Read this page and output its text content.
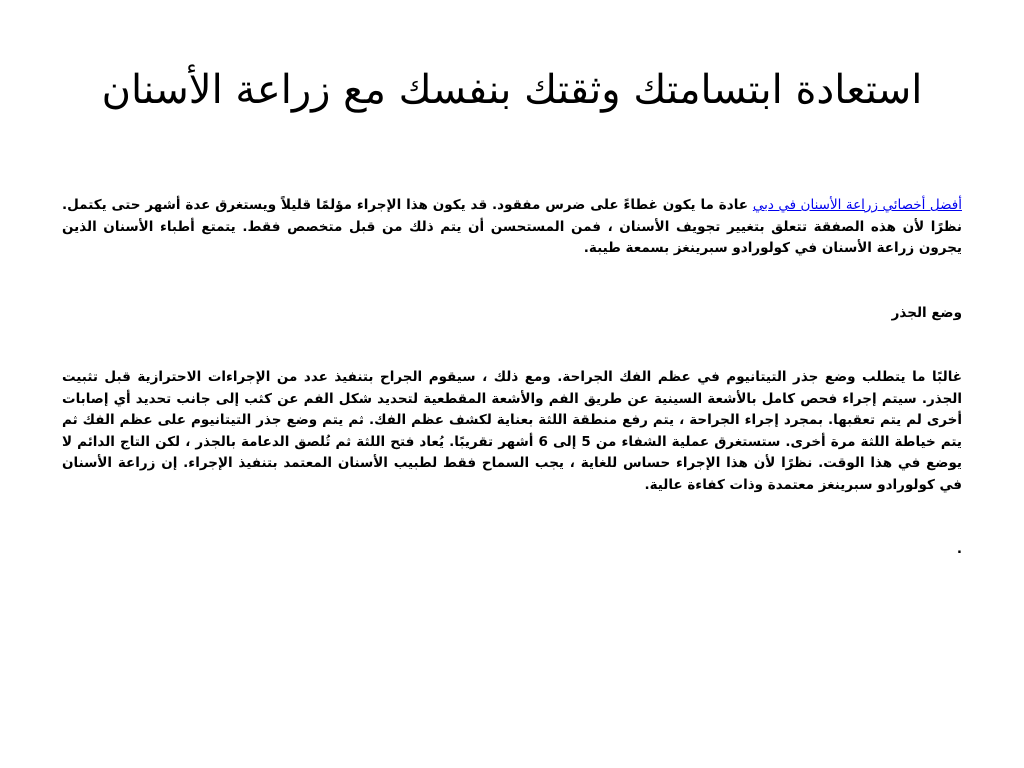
استعادة ابتسامتك وثقتك بنفسك مع زراعة الأسنان

أفضل أخصائي زراعة الأسنان في دبي عادة ما يكون غطاءً على ضرس مفقود. قد يكون هذا الإجراء مؤلمًا قليلاً ويستغرق عدة أشهر حتى يكتمل. نظرًا لأن هذه الصفقة تتعلق بتغيير تجويف الأسنان ، فمن المستحسن أن يتم ذلك من قبل متخصص فقط. يتمتع أطباء الأسنان الذين يجرون زراعة الأسنان في كولورادو سبرينغز بسمعة طيبة.

وضع الجذر

غالبًا ما يتطلب وضع جذر التيتانيوم في عظم الفك الجراحة. ومع ذلك ، سيقوم الجراح بتنفيذ عدد من الإجراءات الاحترازية قبل تثبيت الجذر. سيتم إجراء فحص كامل بالأشعة السينية عن طريق الفم والأشعة المقطعية لتحديد شكل الفم عن كثب إلى جانب تحديد أي إصابات أخرى لم يتم تعقبها. بمجرد إجراء الجراحة ، يتم رفع منطقة اللثة بعناية لكشف عظم الفك. ثم يتم وضع جذر التيتانيوم على عظم الفك ثم يتم خياطة اللثة مرة أخرى. ستستغرق عملية الشفاء من 5 إلى 6 أشهر تقريبًا. يُعاد فتح اللثة ثم تُلصق الدعامة بالجذر ، لكن التاج الدائم لا يوضع في هذا الوقت. نظرًا لأن هذا الإجراء حساس للغاية ، يجب السماح فقط لطبيب الأسنان المعتمد بتنفيذ الإجراء. إن زراعة الأسنان في كولورادو سبرينغز معتمدة وذات كفاءة عالية.

.
